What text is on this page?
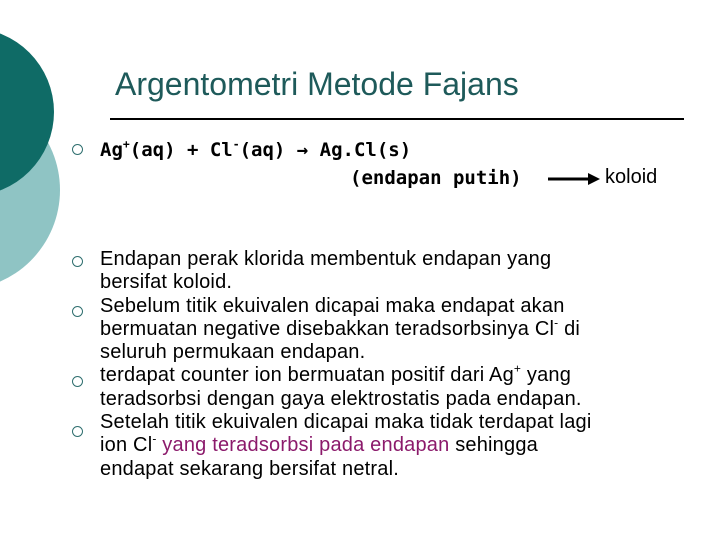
Argentometri Metode Fajans
Ag+(aq) + Cl-(aq) → Ag.Cl(s)
(endapan putih)	koloid
Endapan perak klorida membentuk endapan yang
bersifat koloid.
Sebelum titik ekuivalen dicapai maka endapat akan
bermuatan negative disebakkan teradsorbsinya Cl- di
seluruh permukaan endapan.
terdapat counter ion bermuatan positif dari Ag+ yang
teradsorbsi dengan gaya elektrostatis pada endapan.
Setelah titik ekuivalen dicapai maka tidak terdapat lagi
ion Cl- yang teradsorbsi pada endapan sehingga
endapat sekarang bersifat netral.
